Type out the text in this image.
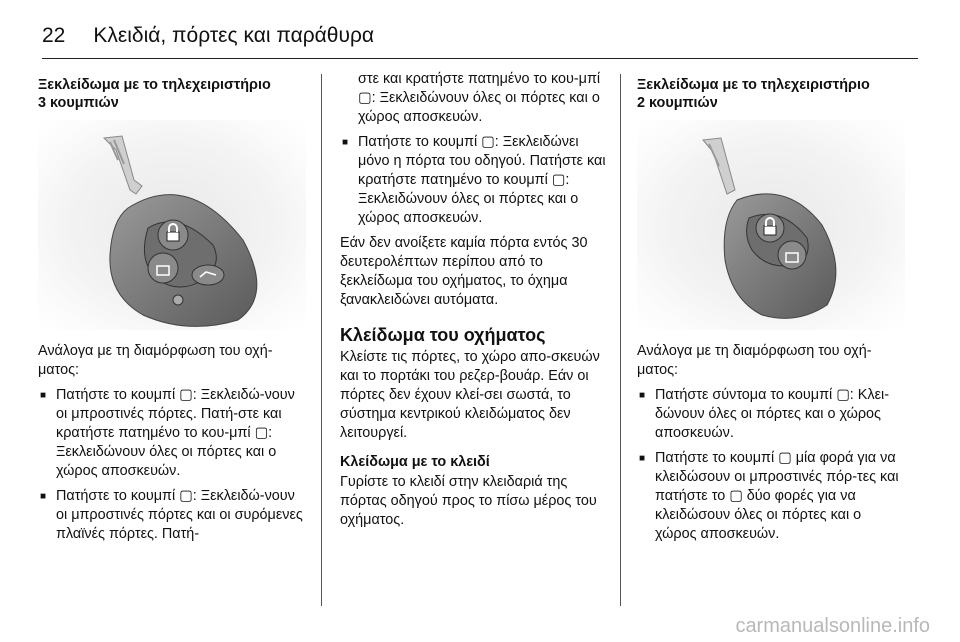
22 Κλειδιά, πόρτες και παράθυρα
Ξεκλείδωμα με το τηλεχειριστήριο
3 κουμπιών

Ανάλογα με τη διαμόρφωση του οχή-ματος:

■ Πατήστε το κουμπί ▢: Ξεκλειδώ-νουν οι μπροστινές πόρτες. Πατή-στε και κρατήστε πατημένο το κου-μπί ▢: Ξεκλειδώνουν όλες οι πόρτες και ο χώρος αποσκευών.
■ Πατήστε το κουμπί ▢: Ξεκλειδώ-νουν οι μπροστινές πόρτες και οι συρόμενες πλαϊνές πόρτες. Πατή-

στε και κρατήστε πατημένο το κου-μπί ▢: Ξεκλειδώνουν όλες οι πόρτες και ο χώρος αποσκευών.

■ Πατήστε το κουμπί ▢: Ξεκλειδώνει μόνο η πόρτα του οδηγού. Πατήστε και κρατήστε πατημένο το κουμπί ▢: Ξεκλειδώνουν όλες οι πόρτες και ο χώρος αποσκευών.

Εάν δεν ανοίξετε καμία πόρτα εντός 30 δευτερολέπτων περίπου από το ξεκλείδωμα του οχήματος, το όχημα ξανακλειδώνει αυτόματα.

Κλείδωμα του οχήματος

Κλείστε τις πόρτες, το χώρο απο-σκευών και το πορτάκι του ρεζερ-βουάρ. Εάν οι πόρτες δεν έχουν κλεί-σει σωστά, το σύστημα κεντρικού κλειδώματος δεν λειτουργεί.

Κλείδωμα με το κλειδί

Γυρίστε το κλειδί στην κλειδαριά της πόρτας οδηγού προς το πίσω μέρος του οχήματος.

Ξεκλείδωμα με το τηλεχειριστήριο
2 κουμπιών

Ανάλογα με τη διαμόρφωση του οχή-ματος:

■ Πατήστε σύντομα το κουμπί ▢: Κλει-δώνουν όλες οι πόρτες και ο χώρος αποσκευών.
■ Πατήστε το κουμπί ▢ μία φορά για να κλειδώσουν οι μπροστινές πόρ-τες και πατήστε το ▢ δύο φορές για να κλειδώσουν όλες οι πόρτες και ο χώρος αποσκευών.
carmanualsonline.info
